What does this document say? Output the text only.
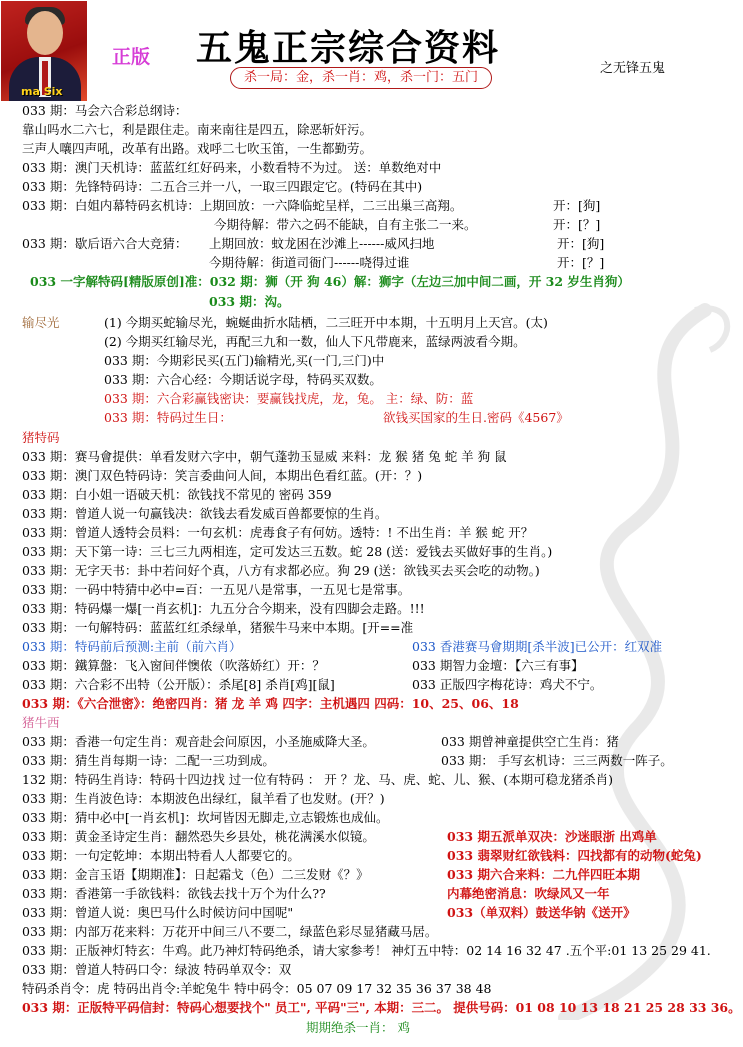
ma Six
正版 五鬼正宗综合资料
杀一局：金，杀一肖：鸡，杀一门：五门
之无锋五鬼
033 期：马会六合彩总纲诗：
靠山吗水二六七，利是跟住走。南来南往是四五，除恶斩奸污。
三声人嚷四声吼，改革有出路。戏呼二七吹玉笛，一生都勤劳。
033 期：澳门天机诗：蓝蓝红红好码来，小数看特不为过。 送：单数绝对中
033 期：先锋特码诗：二五合三并一八，一取三四跟定它。(特码在其中)
033 期：白姐内幕特码玄机诗：上期回放：一六降临蛇呈样，二三出巢三高翔。	开：[狗]
今期待解：带六之码不能缺，自有主张二一来。	开：[？]
033 期：歇后语六合大竞猜： 上期回放：蚊龙困在沙滩上------威风扫地	开：[狗]
今期待解：街道司衙门------哓得过谁	开：[？]
033 一字解特码[精版原创]准：032 期：狮（开 狗 46）解：狮字（左边三加中间二画，开 32 岁生肖狗）
033 期：沟。
输尽光	(1) 今期买蛇输尽光，蜿蜒曲折水陆栖，二三旺开中本期，十五明月上天宫。(太)
(2) 今期买红输尽光，再配三九和一数，仙人下凡带鹿来，蓝绿两波看今期。
033 期：今期彩民买(五门)输精光,买(一门,三门)中
033 期：六合心经：今期话说字母，特码买双数。
033 期：六合彩赢钱密诀：要赢钱找虎，龙，兔。 主：绿、防：蓝
033 期：特码过生日：	欲钱买国家的生日.密码《4567》
猪特码
033 期：赛马會提供：单看发财六字中，朝气蓬勃玉显威 来料：龙 猴 猪 兔 蛇 羊 狗 鼠
033 期：澳门双色特码诗：笑言委曲问人间，本期出色看红蓝。(开：？)
033 期：白小姐一语破天机：欲钱找不常见的 密码 359
033 期：曾道人说一句赢钱决：欲钱去看发威百兽都要惊的生肖。
033 期：曾道人透特会员料：一句玄机：虎毒食子有何妨。透特：! 不出生肖：羊 猴 蛇 开？
033 期：天下第一诗：三七三九两相连，定可发达三五数。蛇 28 (送：爱钱去买做好事的生肖。)
033 期：无字天书：卦中若问好个真，八方有求都必应。狗 29 (送：欲钱买去买会吃的动物。)
033 期：一码中特猜中必中=百：一五见八是常事，一五见七是常事。
033 期：特码爆一爆[一肖玄机]：九五分合今期来，没有四脚会走路。!!!
033 期：一句解特码：蓝蓝红红杀绿单，猪猴牛马来中本期。[开==准
033 期：特码前后预测:主前（前六肖）	033 香港赛马會期期[杀半波]已公开：红双准
033 期：鐵算盤：飞入窗间伴懊侬（吹落娇红）开：？	033 期智力金壇：【六三有事】
033 期：六合彩不出特（公开版）：杀尾[8] 杀肖[鸡][鼠]	033 正版四字梅花诗：鸡犬不宁。
033 期：《六合泄密》：绝密四肖：猪 龙 羊 鸡 四字：主机遇四 四码：10、25、06、18
猪牛西
033 期：香港一句定生肖：观音赴会问原因，小圣施威降大圣。	033 期曾神童提供空亡生肖：猪
033 期：猜生肖每期一诗：二配一三功到成。	033 期： 手写玄机诗：三三两数一阵子。
132 期：特码生肖诗：特码十四边找 过一位有特码 ： 开 ？龙、马、虎、蛇、儿、猴、(本期可稳龙猪杀肖)
033 期：生肖波色诗：本期波色出绿红，鼠羊看了也发财。(开？)
033 期：猜中必中[一肖玄机]：坎坷皆因无脚走,立志锻炼也成仙。
033 期：黄金圣诗定生肖：翻然恐失乡县处，桃花满溪水似镜。	033 期五派单双决：沙迷眼浙 出鸡单
033 期：一句定乾坤：本期出特看人人都要它的。	033 翡翠财红欲钱料：四找都有的动物(蛇兔)
033 期：金言玉语【期期准】：日起霜戈（色）二三发财《？》	033 期六合来料：二九伴四旺本期
033 期：香港第一手欲钱料：欲钱去找十万个为什么??	内幕绝密消息：吹绿风又一年
033 期：曾道人说：奥巴马什么时候访问中国呢"	033（单双料）鼓送华钠《送开》
033 期：内部万花来料：万花开中间三八不要二，绿蓝色彩尽显猪藏马居。
033 期：正版神灯特玄：牛鸡。此乃神灯特码绝杀，请大家参考！ 神灯五中特：02 14 16 32 47 .五个平:01 13 25 29 41.
033 期：曾道人特码口令：绿波 特码单双令：双
特码杀肖令：虎 特码出肖令:羊蛇兔牛 特中码令：05 07 09 17 32 35 36 37 38 48
033 期：正版特平码信封：特码心想要找个" 员工", 平码"三", 本期：三二。 提供号码：01 08 10 13 18 21 25 28 33 36。
期期绝杀一肖： 鸡
